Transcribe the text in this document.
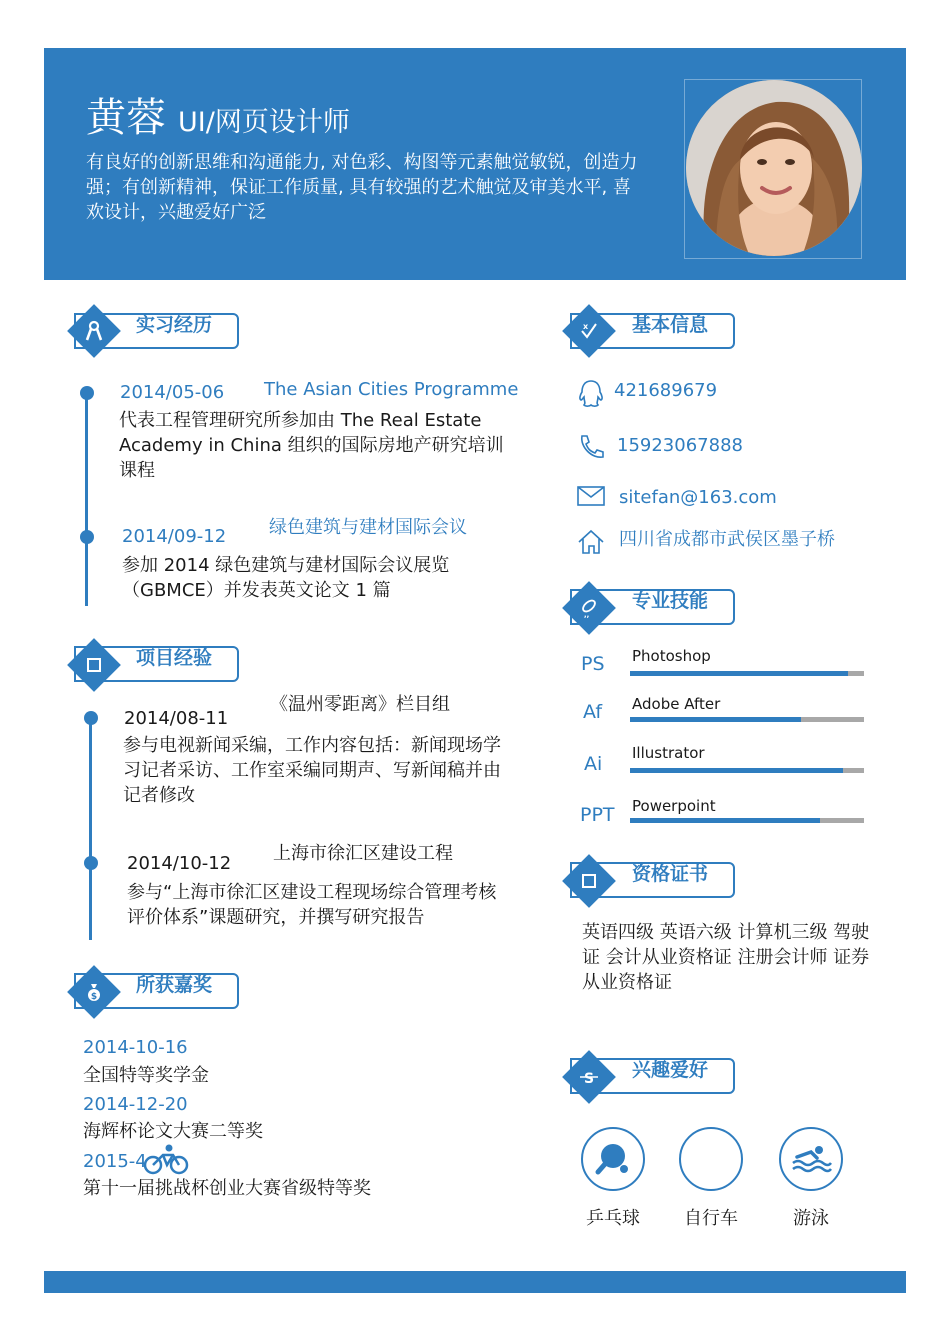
黄蓉 UI/网页设计师
有良好的创新思维和沟通能力, 对色彩、构图等元素触觉敏锐，创造力强；有创新精神，保证工作质量, 具有较强的艺术触觉及审美水平, 喜欢设计，兴趣爱好广泛
实习经历
2014/05-06 The Asian Cities Programme
代表工程管理研究所参加由 The Real Estate Academy in China 组织的国际房地产研究培训课程
2014/09-12 绿色建筑与建材国际会议
参加 2014 绿色建筑与建材国际会议展览（GBMCE）并发表英文论文 1 篇
项目经验
2014/08-11
《温州零距离》栏目组
参与电视新闻采编，工作内容包括：新闻现场学习记者采访、工作室采编同期声、写新闻稿并由记者修改
2014/10-12 上海市徐汇区建设工程
参与“上海市徐汇区建设工程现场综合管理考核评价体系”课题研究，并撰写研究报告
所获嘉奖
$
2014-10-16
全国特等奖学金
2014-12-20
海辉杯论文大赛二等奖
2015-4
第十一届挑战杯创业大赛省级特等奖
基本信息
x
421689679
15923067888
sitefan@163.com
四川省成都市武侯区墨子桥
专业技能
,,
PS Photoshop
Af Adobe After
Ai Illustrator
PPT Powerpoint
资格证书
英语四级 英语六级 计算机三级 驾驶证 会计从业资格证 注册会计师 证券从业资格证
兴趣爱好
S
乒乓球 自行车	游泳
